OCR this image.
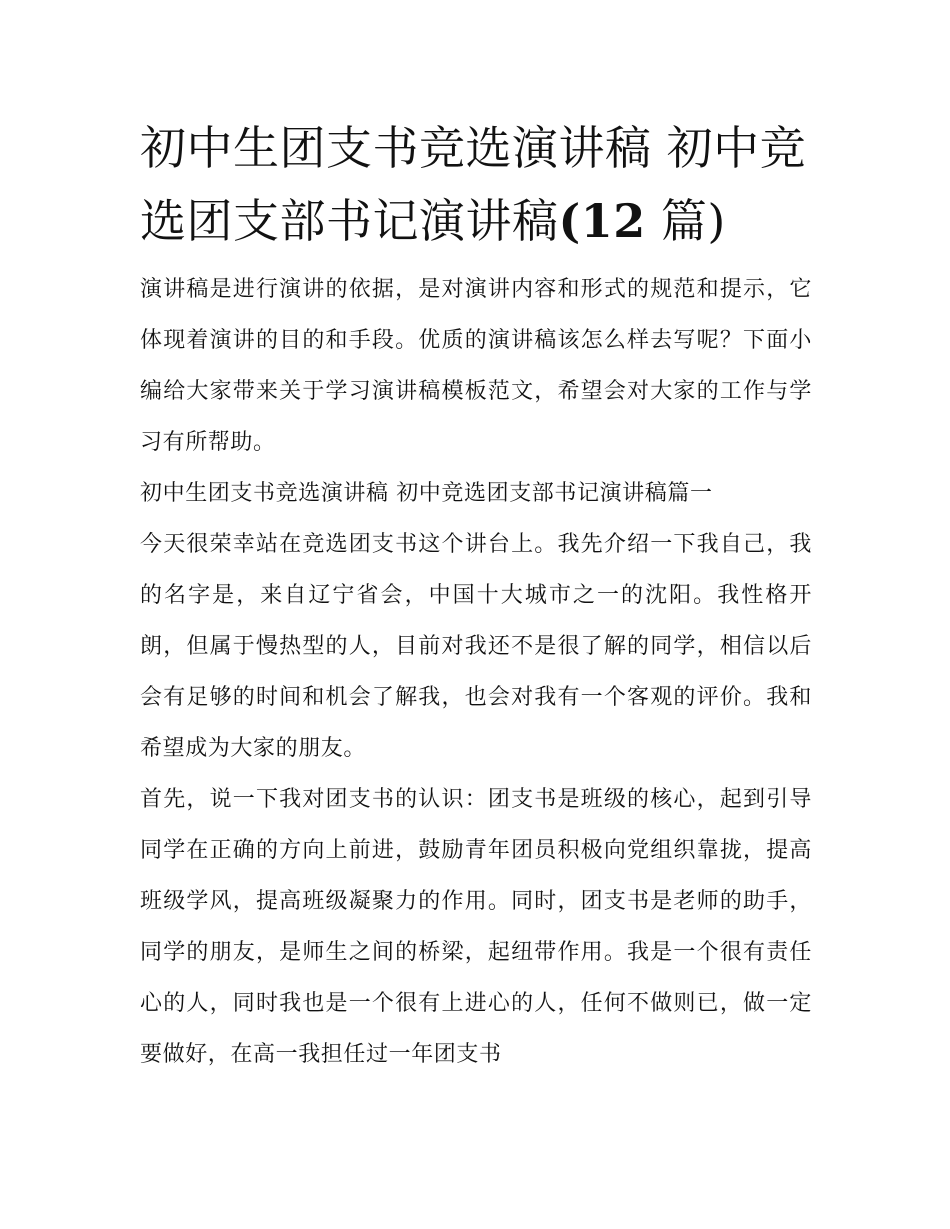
初中生团支书竞选演讲稿 初中竞选团支部书记演讲稿(12 篇)

演讲稿是进行演讲的依据，是对演讲内容和形式的规范和提示，它体现着演讲的目的和手段。优质的演讲稿该怎么样去写呢？下面小编给大家带来关于学习演讲稿模板范文，希望会对大家的工作与学习有所帮助。

初中生团支书竞选演讲稿 初中竞选团支部书记演讲稿篇一

今天很荣幸站在竞选团支书这个讲台上。我先介绍一下我自己，我的名字是，来自辽宁省会，中国十大城市之一的沈阳。我性格开朗，但属于慢热型的人，目前对我还不是很了解的同学，相信以后会有足够的时间和机会了解我，也会对我有一个客观的评价。我和希望成为大家的朋友。

首先，说一下我对团支书的认识：团支书是班级的核心，起到引导同学在正确的方向上前进，鼓励青年团员积极向党组织靠拢，提高班级学风，提高班级凝聚力的作用。同时，团支书是老师的助手，同学的朋友，是师生之间的桥梁，起纽带作用。我是一个很有责任心的人，同时我也是一个很有上进心的人，任何不做则已，做一定要做好，在高一我担任过一年团支书
